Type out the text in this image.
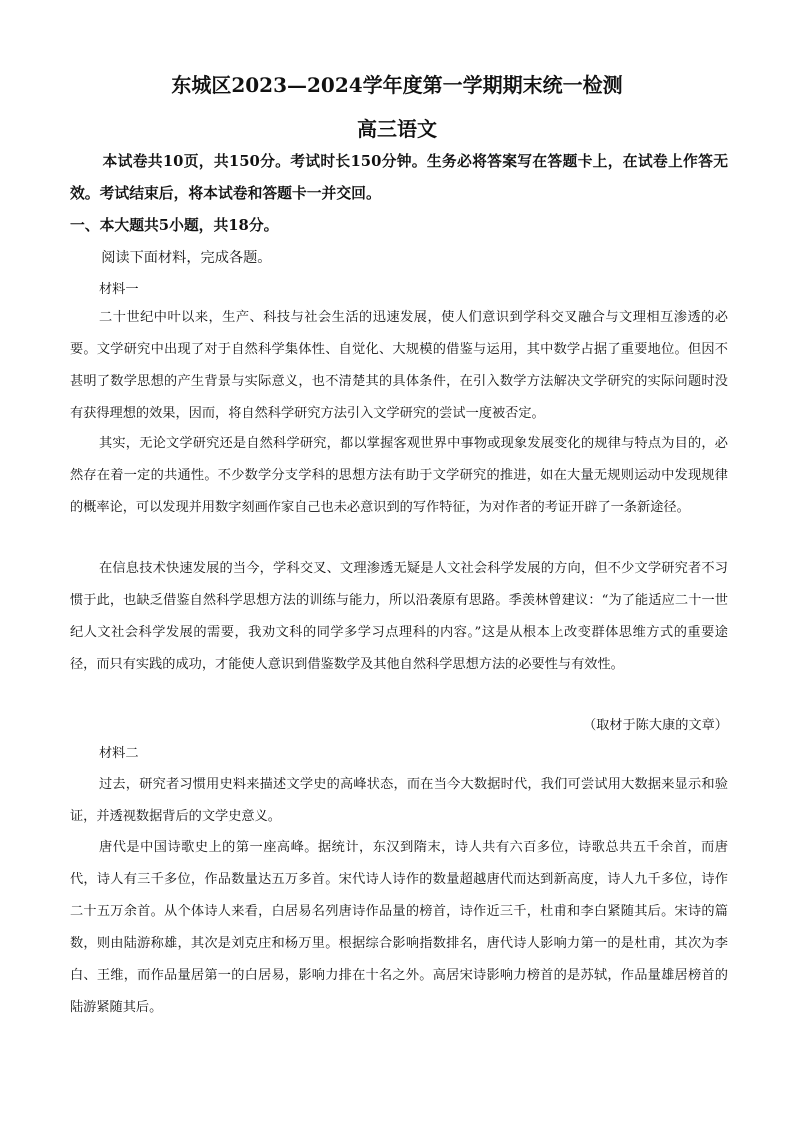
东城区2023—2024学年度第一学期期末统一检测
高三语文

本试卷共10页，共150分。考试时长150分钟。生务必将答案写在答题卡上，在试卷上作答无效。考试结束后，将本试卷和答题卡一并交回。

一、本大题共5小题，共18分。

阅读下面材料，完成各题。

材料一

二十世纪中叶以来，生产、科技与社会生活的迅速发展，使人们意识到学科交叉融合与文理相互渗透的必要。文学研究中出现了对于自然科学集体性、自觉化、大规模的借鉴与运用，其中数学占据了重要地位。但因不甚明了数学思想的产生背景与实际意义，也不清楚其的具体条件，在引入数学方法解决文学研究的实际问题时没有获得理想的效果，因而，将自然科学研究方法引入文学研究的尝试一度被否定。

其实，无论文学研究还是自然科学研究，都以掌握客观世界中事物或现象发展变化的规律与特点为目的，必然存在着一定的共通性。不少数学分支学科的思想方法有助于文学研究的推进，如在大量无规则运动中发现规律的概率论，可以发现并用数字刻画作家自己也未必意识到的写作特征，为对作者的考证开辟了一条新途径。

在信息技术快速发展的当今，学科交叉、文理渗透无疑是人文社会科学发展的方向，但不少文学研究者不习惯于此，也缺乏借鉴自然科学思想方法的训练与能力，所以沿袭原有思路。季羡林曾建议：“为了能适应二十一世纪人文社会科学发展的需要，我劝文科的同学多学习点理科的内容。”这是从根本上改变群体思维方式的重要途径，而只有实践的成功，才能使人意识到借鉴数学及其他自然科学思想方法的必要性与有效性。

（取材于陈大康的文章）

材料二

过去，研究者习惯用史料来描述文学史的高峰状态，而在当今大数据时代，我们可尝试用大数据来显示和验证，并透视数据背后的文学史意义。

唐代是中国诗歌史上的第一座高峰。据统计，东汉到隋末，诗人共有六百多位，诗歌总共五千余首，而唐代，诗人有三千多位，作品数量达五万多首。宋代诗人诗作的数量超越唐代而达到新高度，诗人九千多位，诗作二十五万余首。从个体诗人来看，白居易名列唐诗作品量的榜首，诗作近三千，杜甫和李白紧随其后。宋诗的篇数，则由陆游称雄，其次是刘克庄和杨万里。根据综合影响指数排名，唐代诗人影响力第一的是杜甫，其次为李白、王维，而作品量居第一的白居易，影响力排在十名之外。高居宋诗影响力榜首的是苏轼，作品量雄居榜首的陆游紧随其后。
